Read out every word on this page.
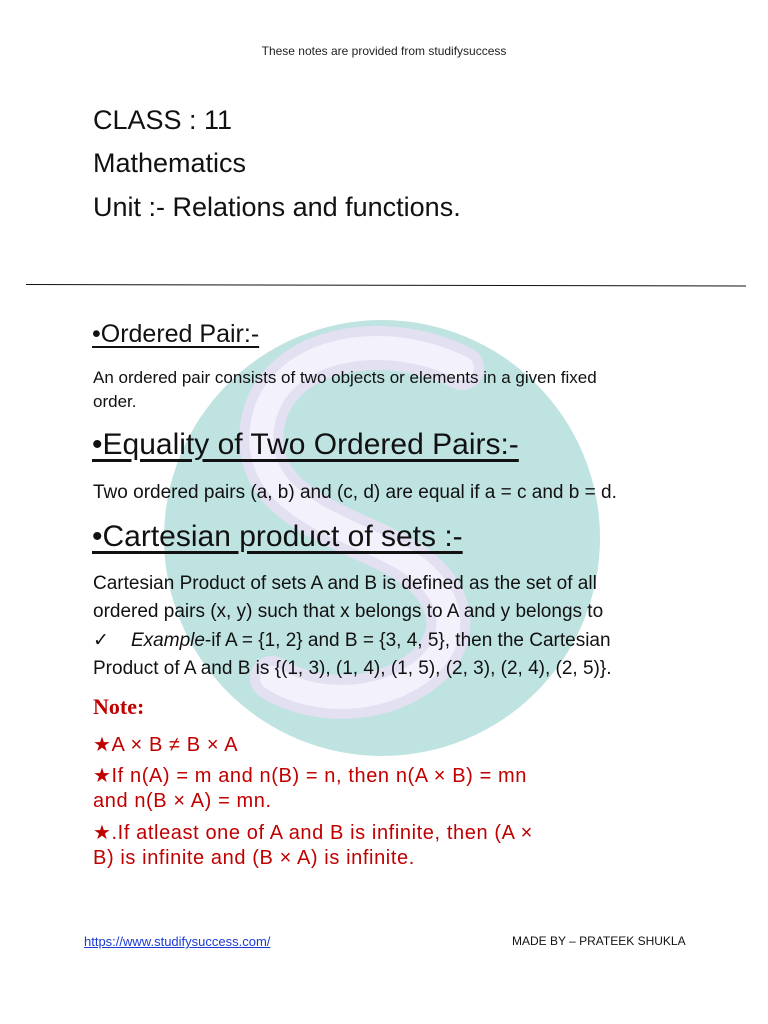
These notes are provided from studifysuccess
CLASS : 11
Mathematics
Unit :- Relations and functions.
•Ordered Pair:-
An ordered pair consists of two objects or elements in a given fixed
order.
•Equality of Two Ordered Pairs:-
Two ordered pairs (a, b) and (c, d) are equal if a = c and b = d.
•Cartesian product of sets :-
Cartesian Product of sets A and B is defined as the set of all
ordered pairs (x, y) such that x belongs to A and y belongs to
✓ Example-if A = {1, 2} and B = {3, 4, 5}, then the Cartesian
Product of A and B is {(1, 3), (1, 4), (1, 5), (2, 3), (2, 4), (2, 5)}.
Note:
★A × B ≠ B × A
★If n(A) = m and n(B) = n, then n(A × B) = mn
and n(B × A) = mn.
★.If atleast one of A and B is infinite, then (A ×
B) is infinite and (B × A) is infinite.
https://www.studifysuccess.com/	MADE BY – PRATEEK SHUKLA
